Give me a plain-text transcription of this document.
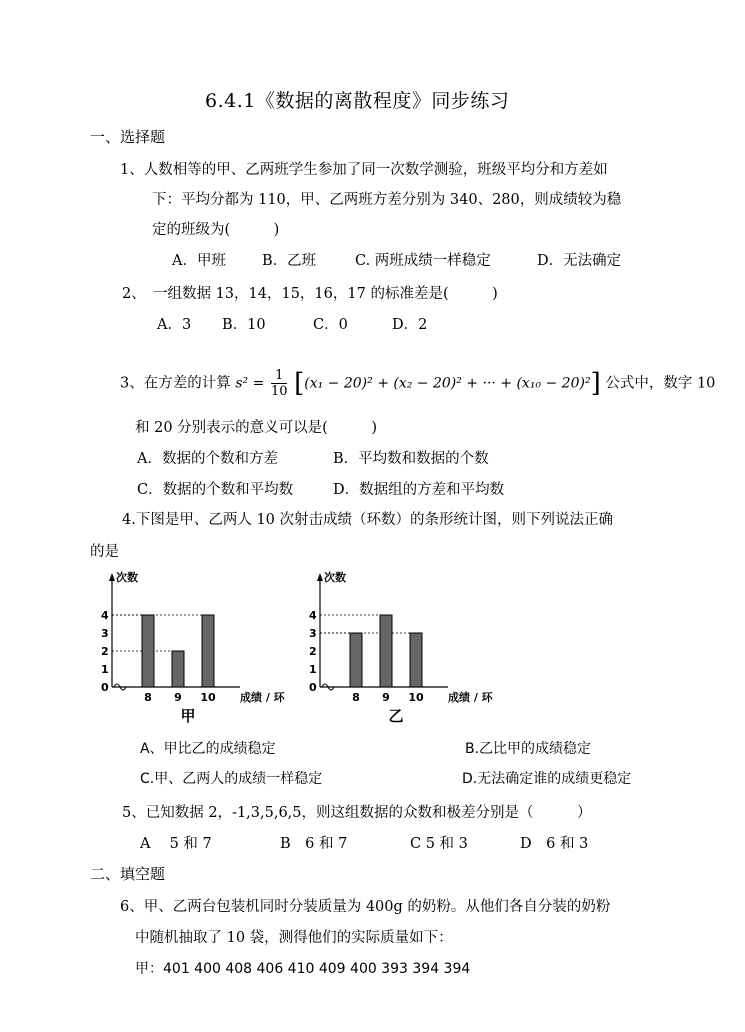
6.4.1《数据的离散程度》同步练习
一、选择题
1、人数相等的甲、乙两班学生参加了同一次数学测验，班级平均分和方差如
下：平均分都为 110，甲、乙两班方差分别为 340、280，则成绩较为稳
定的班级为(　　　)
A．甲班 B．乙班	C. 两班成绩一样稳定	D．无法确定
2、　一组数据 13，14，15，16，17 的标准差是(　　　)
A．3 B．10	C．0	D．2
3、在方差的计算 $s^2 = \frac{1}{10} [(x_1 - 20)^2 + (x_2 - 20)^2$ + ··· + (x₁₀ − 20)²] 公式中，数字 10
和 20 分别表示的意义可以是(　　　)
A．数据的个数和方差	B．平均数和数据的个数
C．数据的个数和平均数	D．数据组的方差和平均数
4.下图是甲、乙两人 10 次射击成绩（环数）的条形统计图，则下列说法正确
的是
次数
0
1
2
3
4
8 9 10 成绩 / 环
甲
次数
0
1
2
3
4
8 9 10 成绩 / 环
乙
A、甲比乙的成绩稳定	B.乙比甲的成绩稳定
C.甲、乙两人的成绩一样稳定	D.无法确定谁的成绩更稳定
5、已知数据 2，-1,3,5,6,5，则这组数据的众数和极差分别是（　　　）
A　 5 和 7	B　6 和 7	C 5 和 3	D　6 和 3
二、填空题
6、甲、乙两台包装机同时分装质量为 400g 的奶粉。从他们各自分装的奶粉
中随机抽取了 10 袋，测得他们的实际质量如下：
甲：401 400 408 406 410 409 400 393 394 394
